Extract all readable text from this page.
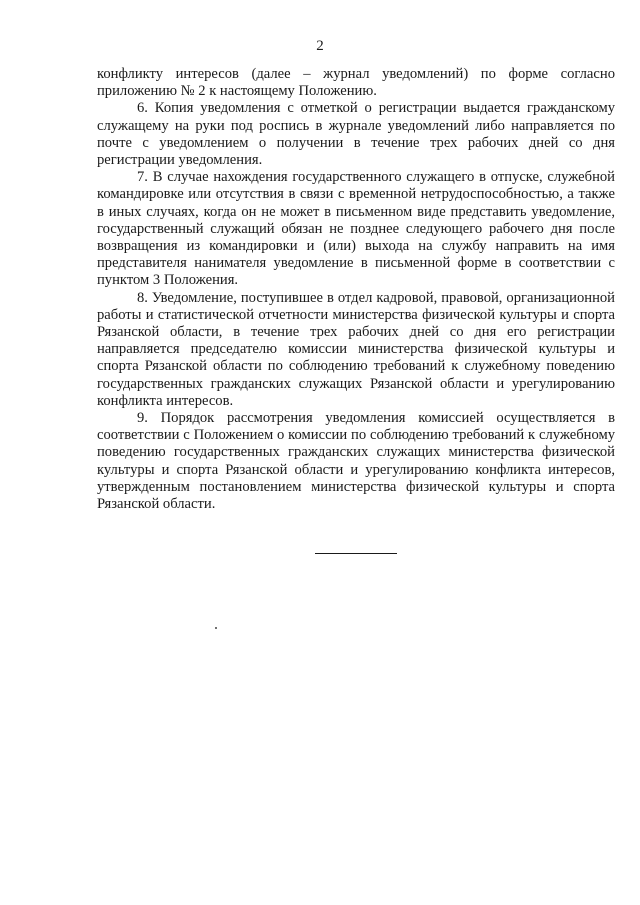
2

конфликту интересов (далее – журнал уведомлений) по форме согласно приложению № 2 к настоящему Положению.

6. Копия уведомления с отметкой о регистрации выдается гражданскому служащему на руки под роспись в журнале уведомлений либо направляется по почте с уведомлением о получении в течение трех рабочих дней со дня регистрации уведомления.

7. В случае нахождения государственного служащего в отпуске, служебной командировке или отсутствия в связи с временной нетрудоспособностью, а также в иных случаях, когда он не может в письменном виде представить уведомление, государственный служащий обязан не позднее следующего рабочего дня после возвращения из командировки и (или) выхода на службу направить на имя представителя нанимателя уведомление в письменной форме в соответствии с пунктом 3 Положения.

8. Уведомление, поступившее в отдел кадровой, правовой, организационной работы и статистической отчетности министерства физической культуры и спорта Рязанской области, в течение трех рабочих дней со дня его регистрации направляется председателю комиссии министерства физической культуры и спорта Рязанской области по соблюдению требований к служебному поведению государственных гражданских служащих Рязанской области и урегулированию конфликта интересов.

9. Порядок рассмотрения уведомления комиссией осуществляется в соответствии с Положением о комиссии по соблюдению требований к служебному поведению государственных гражданских служащих министерства физической культуры и спорта Рязанской области и урегулированию конфликта интересов, утвержденным постановлением министерства физической культуры и спорта Рязанской области.
